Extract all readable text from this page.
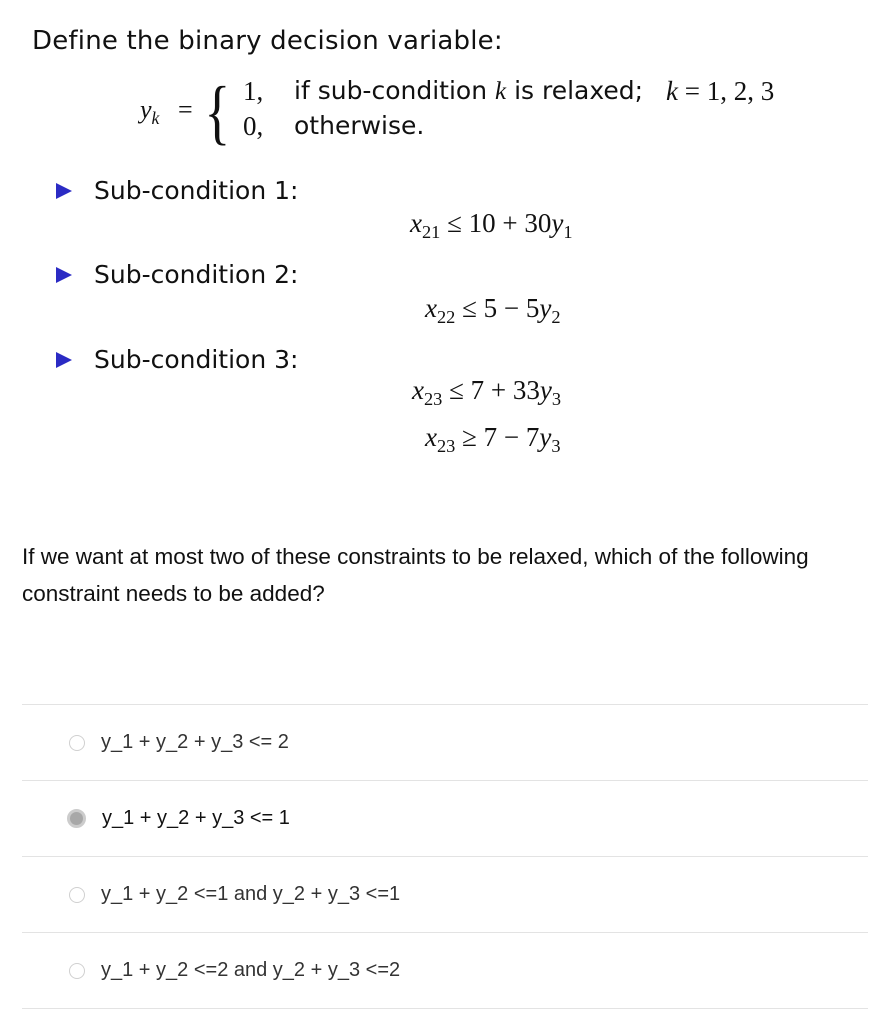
Define the binary decision variable:
$y_k$ = { 1, if sub-condition k is relaxed; k = 1, 2, 3
0, otherwise.
Sub-condition 1:
Sub-condition 2:
Sub-condition 3:
$x_{21} \le 10 + 30y_1$
$x_{22} \le 5 - 5y_2$
$x_{23} \le 7 + 33y_3$
$x_{23} \ge 7 - 7y_3$

If we want at most two of these constraints to be relaxed, which of the following constraint needs to be added?

y_1 + y_2 + y_3 <= 2
y_1 + y_2 + y_3 <= 1
y_1 + y_2 <=1 and y_2 + y_3 <=1
y_1 + y_2 <=2 and y_2 + y_3 <=2
